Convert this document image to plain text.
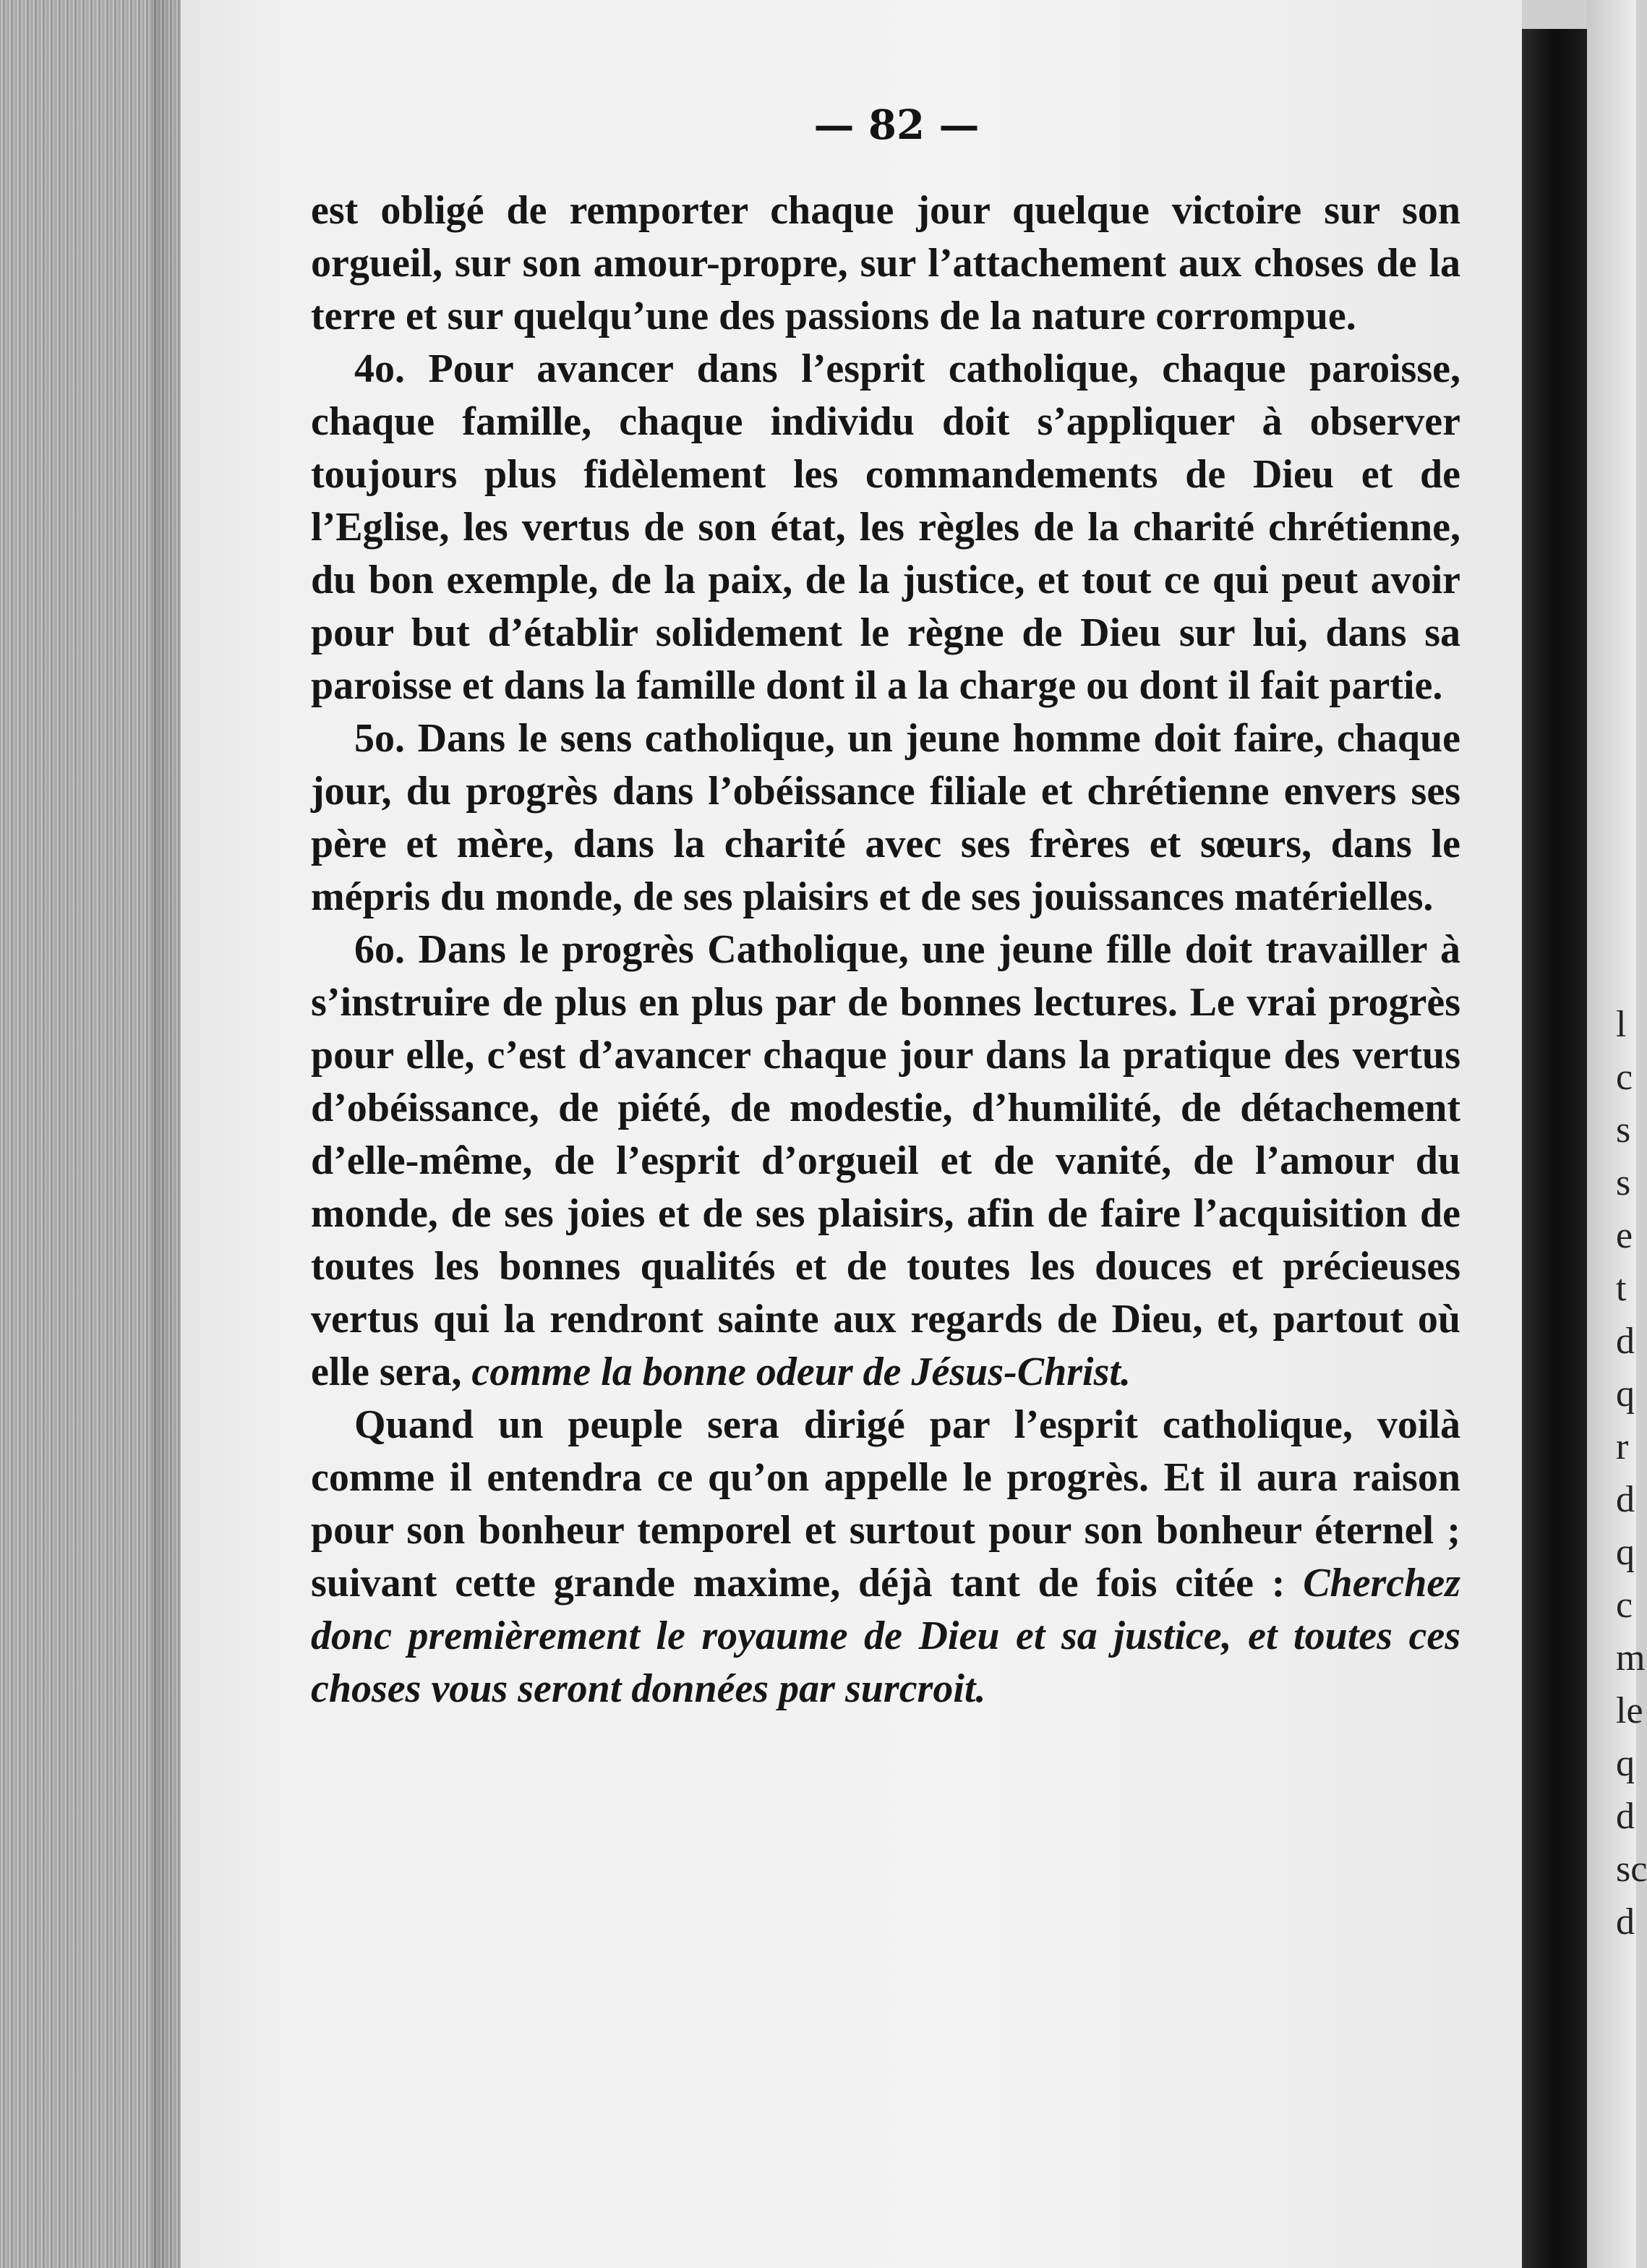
l
c
s
s
e
t
d
q
r
d
q
c
m
le
q
d
sc
d
— 82 —

est obligé de remporter chaque jour quelque victoire sur son orgueil, sur son amour-propre, sur l’attachement aux choses de la terre et sur quelqu’une des passions de la nature corrompue.

4o. Pour avancer dans l’esprit catholique, chaque paroisse, chaque famille, chaque individu doit s’appliquer à observer toujours plus fidèlement les commandements de Dieu et de l’Eglise, les vertus de son état, les règles de la charité chrétienne, du bon exemple, de la paix, de la justice, et tout ce qui peut avoir pour but d’établir solidement le règne de Dieu sur lui, dans sa paroisse et dans la famille dont il a la charge ou dont il fait partie.

5o. Dans le sens catholique, un jeune homme doit faire, chaque jour, du progrès dans l’obéissance filiale et chrétienne envers ses père et mère, dans la charité avec ses frères et sœurs, dans le mépris du monde, de ses plaisirs et de ses jouissances matérielles.

6o. Dans le progrès Catholique, une jeune fille doit travailler à s’instruire de plus en plus par de bonnes lectures. Le vrai progrès pour elle, c’est d’avancer chaque jour dans la pratique des vertus d’obéissance, de piété, de modestie, d’humilité, de détachement d’elle-même, de l’esprit d’orgueil et de vanité, de l’amour du monde, de ses joies et de ses plaisirs, afin de faire l’acquisition de toutes les bonnes qualités et de toutes les douces et précieuses vertus qui la rendront sainte aux regards de Dieu, et, partout où elle sera, comme la bonne odeur de Jésus-Christ.

Quand un peuple sera dirigé par l’esprit catholique, voilà comme il entendra ce qu’on appelle le progrès. Et il aura raison pour son bonheur temporel et surtout pour son bonheur éternel ; suivant cette grande maxime, déjà tant de fois citée : Cherchez donc premièrement le royaume de Dieu et sa justice, et toutes ces choses vous seront données par surcroit.
